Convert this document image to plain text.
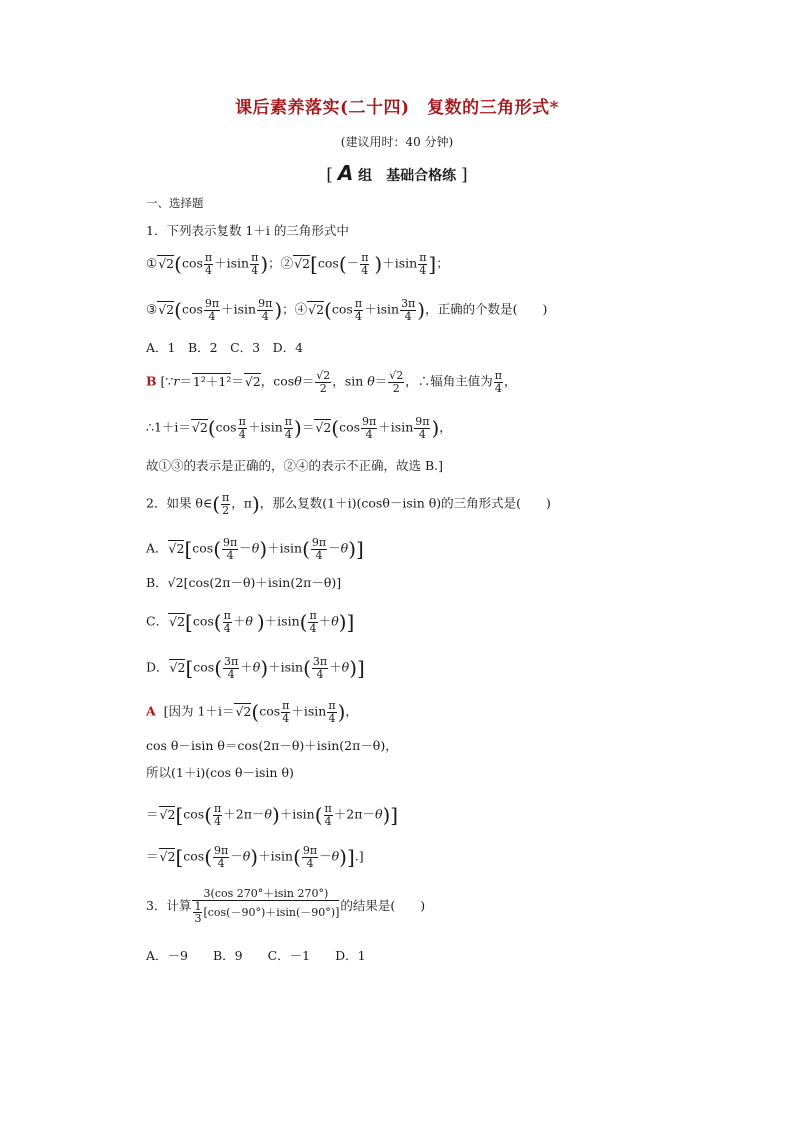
课后素养落实(二十四)　复数的三角形式*
(建议用时：40 分钟)
[ A 组　基础合格练 ]
一、选择题
1．下列表示复数 1＋i 的三角形式中
①√2(cos $\frac{\pi}{4} +isin \frac{\pi}{4}$ )；②√2[cos(－ $\frac{\pi}{4} )+isin \frac{\pi}{4}$ ]；
③√2(cos $\frac{9\pi}{4} +isin \frac{9\pi}{4}$ )；④√2(cos $\frac{\pi}{4} +isin \frac{3\pi}{4}$ )，正确的个数是(　　)
A．1　B．2　C．3　D．4
B [∵r＝1²＋1²＝√2，$\cos\theta= \frac{√2}{2}$ ，$\sin \theta= \frac{√2}{2}$ ，∴辐角主值为 $\frac{\pi}{4}$ ，
∴1＋i＝√2(cos $\frac{\pi}{4} +isin \frac{\pi}{4} )=√2(\cos \frac{9\pi}{4} +isin \frac{9\pi}{4}$ )，
故①③的表示是正确的，②④的表示不正确，故选 B.]
2．如果 θ∈( $\frac{\pi}{2}$ ，π)，那么复数(1＋i)(cosθ－isin θ)的三角形式是(　　)
A．$√2[\cos( \frac{9\pi}{4} -\theta)+isin( \frac{9\pi}{4} -\theta)]$
B．√2[cos(2π－θ)＋isin(2π－θ)]
C．$√2[\cos( \frac{\pi}{4} +\theta$ )$+isin( \frac{\pi}{4} +\theta)$]
D．$√2[\cos( \frac{3\pi}{4} +\theta)+isin( \frac{3\pi}{4} +\theta)]$
A  [因为 $1+i=√2(\cos \frac{\pi}{4} +isin \frac{\pi}{4}$ )，
cos θ－isin θ＝cos(2π－θ)＋isin(2π－θ)，
所以(1＋i)(cos θ－isin θ)
$=√2[\cos( \frac{\pi}{4} +2\pi-\theta)+isin( \frac{\pi}{4} +2\pi-\theta)]$
$=√2[\cos( \frac{9\pi}{4} -\theta)+isin( \frac{9\pi}{4} -\theta)]$.]
3．计算 $\frac{3(\cos 270^\circ+isin 270^\circ)}{\frac{1}{3} [\cos(-90^\circ)+isin(-90^\circ)]}$ 的结果是(　　)
A．－9　　B．9　　C．－1　　D．1
